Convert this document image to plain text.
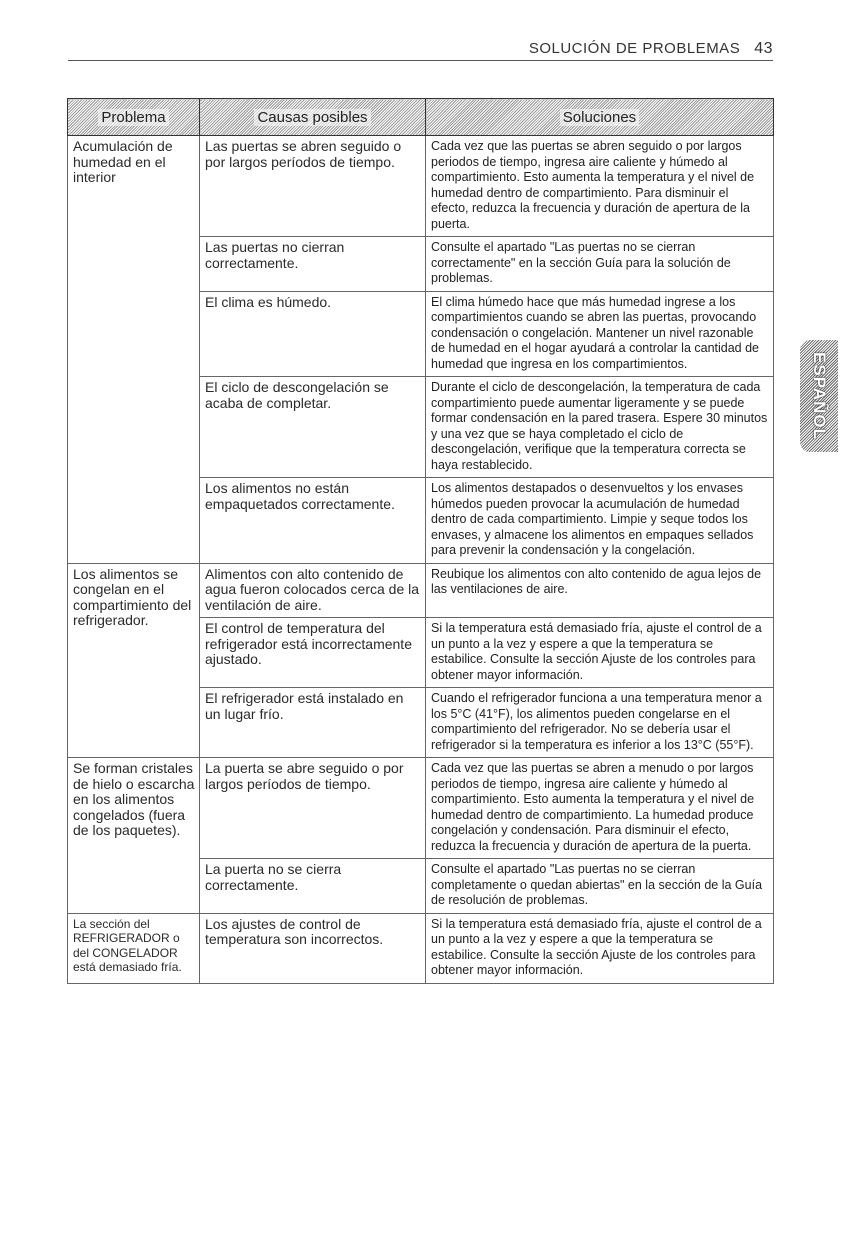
SOLUCIÓN DE PROBLEMAS 43
ESPAÑOL
Problema	Causas posibles	Soluciones
Acumulación de humedad en el interior	Las puertas se abren seguido o por largos períodos de tiempo.	Cada vez que las puertas se abren seguido o por largos periodos de tiempo, ingresa aire caliente y húmedo al compartimiento. Esto aumenta la temperatura y el nivel de humedad dentro de compartimiento. Para disminuir el efecto, reduzca la frecuencia y duración de apertura de la puerta.
	Las puertas no cierran correctamente.	Consulte el apartado "Las puertas no se cierran correctamente" en la sección Guía para la solución de problemas.
	El clima es húmedo.	El clima húmedo hace que más humedad ingrese a los compartimientos cuando se abren las puertas, provocando condensación o congelación. Mantener un nivel razonable de humedad en el hogar ayudará a controlar la cantidad de humedad que ingresa en los compartimientos.
	El ciclo de descongelación se acaba de completar.	Durante el ciclo de descongelación, la temperatura de cada compartimiento puede aumentar ligeramente y se puede formar condensación en la pared trasera. Espere 30 minutos y una vez que se haya completado el ciclo de descongelación, verifique que la temperatura correcta se haya restablecido.
	Los alimentos no están empaquetados correctamente.	Los alimentos destapados o desenvueltos y los envases húmedos pueden provocar la acumulación de humedad dentro de cada compartimiento. Limpie y seque todos los envases, y almacene los alimentos en empaques sellados para prevenir la condensación y la congelación.
Los alimentos se congelan en el compartimiento del refrigerador.	Alimentos con alto contenido de agua fueron colocados cerca de la ventilación de aire.	Reubique los alimentos con alto contenido de agua lejos de las ventilaciones de aire.
	El control de temperatura del refrigerador está incorrectamente ajustado.	Si la temperatura está demasiado fría, ajuste el control de a un punto a la vez y espere a que la temperatura se estabilice. Consulte la sección Ajuste de los controles para obtener mayor información.
	El refrigerador está instalado en un lugar frío.	Cuando el refrigerador funciona a una temperatura menor a los 5°C (41°F), los alimentos pueden congelarse en el compartimiento del refrigerador. No se debería usar el refrigerador si la temperatura es inferior a los 13°C (55°F).
Se forman cristales de hielo o escarcha en los alimentos congelados (fuera de los paquetes).	La puerta se abre seguido o por largos períodos de tiempo.	Cada vez que las puertas se abren a menudo o por largos periodos de tiempo, ingresa aire caliente y húmedo al compartimiento. Esto aumenta la temperatura y el nivel de humedad dentro de compartimiento. La humedad produce congelación y condensación. Para disminuir el efecto, reduzca la frecuencia y duración de apertura de la puerta.
	La puerta no se cierra correctamente.	Consulte el apartado "Las puertas no se cierran completamente o quedan abiertas" en la sección de la Guía de resolución de problemas.
La sección del REFRIGERADOR o del CONGELADOR está demasiado fría.	Los ajustes de control de temperatura son incorrectos.	Si la temperatura está demasiado fría, ajuste el control de a un punto a la vez y espere a que la temperatura se estabilice. Consulte la sección Ajuste de los controles para obtener mayor información.
